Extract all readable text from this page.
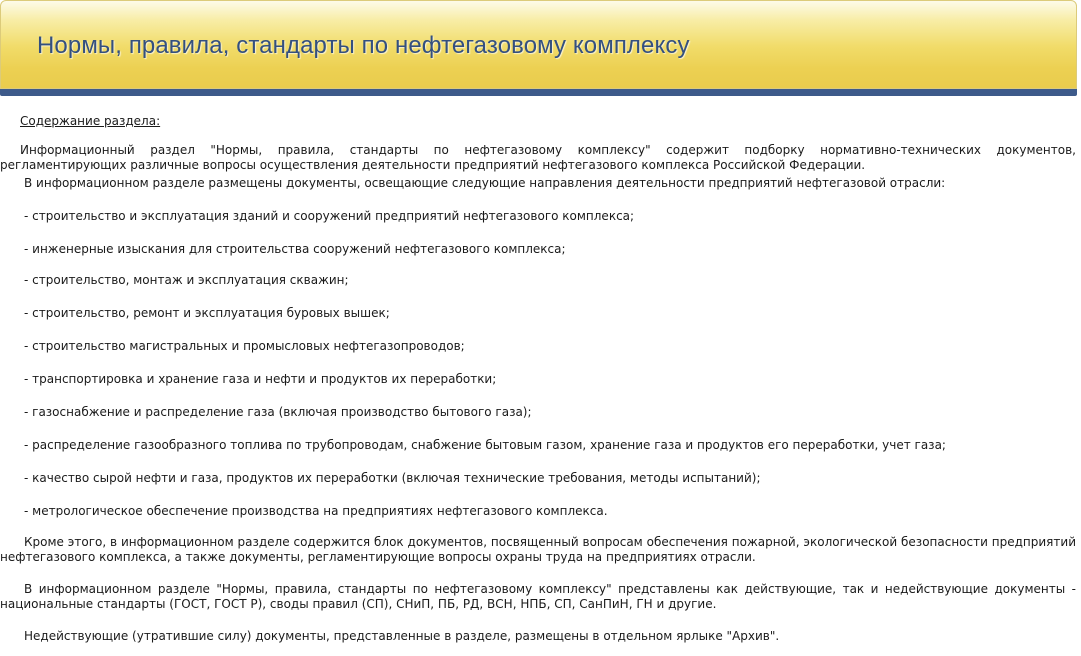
Нормы, правила, стандарты по нефтегазовому комплексу
Содержание раздела:
Информационный раздел "Нормы, правила, стандарты по нефтегазовому комплексу" содержит подборку нормативно-технических документов, регламентирующих различные вопросы осуществления деятельности предприятий нефтегазового комплекса Российской Федерации.
В информационном разделе размещены документы, освещающие следующие направления деятельности предприятий нефтегазовой отрасли:
- строительство и эксплуатация зданий и сооружений предприятий нефтегазового комплекса;
- инженерные изыскания для строительства сооружений нефтегазового комплекса;
- строительство, монтаж и эксплуатация скважин;
- строительство, ремонт и эксплуатация буровых вышек;
- строительство магистральных и промысловых нефтегазопроводов;
- транспортировка и хранение газа и нефти и продуктов их переработки;
- газоснабжение и распределение газа (включая производство бытового газа);
- распределение газообразного топлива по трубопроводам, снабжение бытовым газом, хранение газа и продуктов его переработки, учет газа;
- качество сырой нефти и газа, продуктов их переработки (включая технические требования, методы испытаний);
- метрологическое обеспечение производства на предприятиях нефтегазового комплекса.
Кроме этого, в информационном разделе содержится блок документов, посвященный вопросам обеспечения пожарной, экологической безопасности предприятий нефтегазового комплекса, а также документы, регламентирующие вопросы охраны труда на предприятиях отрасли.
В информационном разделе "Нормы, правила, стандарты по нефтегазовому комплексу" представлены как действующие, так и недействующие документы - национальные стандарты (ГОСТ, ГОСТ Р), своды правил (СП), СНиП, ПБ, РД, ВСН, НПБ, СП, СанПиН, ГН и другие.
Недействующие (утратившие силу) документы, представленные в разделе, размещены в отдельном ярлыке "Архив".
